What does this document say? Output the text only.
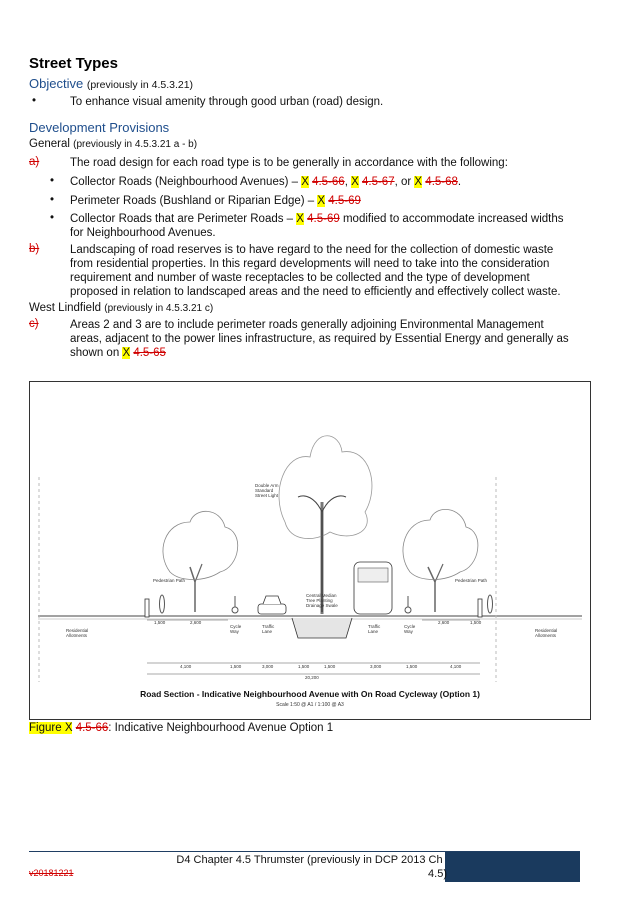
Street Types
Objective (previously in 4.5.3.21)
•	To enhance visual amenity through good urban (road) design.
Development Provisions
General (previously in 4.5.3.21 a - b)
a)	The road design for each road type is to be generally in accordance with the following:
• Collector Roads (Neighbourhood Avenues) – X 4.5-66, X 4.5-67, or X 4.5-68.
• Perimeter Roads (Bushland or Riparian Edge) – X 4.5-69
• Collector Roads that are Perimeter Roads – X 4.5-69 modified to accommodate increased widths
for Neighbourhood Avenues.
b)	Landscaping of road reserves is to have regard to the need for the collection of domestic waste
from residential properties. In this regard developments will need to take into the consideration
requirement and number of waste receptacles to be collected and the type of development
proposed in relation to landscaped areas and the need to efficiently and effectively collect waste.
West Lindfield (previously in 4.5.3.21 c)
c)	Areas 2 and 3 are to include perimeter roads generally adjoining Environmental Management
areas, adjacent to the power lines infrastructure, as required by Essential Energy and generally as
shown on X 4.5-65
Double Arm
Standard
Street Light
Central Median
Tree Planting
Drainage Swale
Pedestrian Path	Pedestrian Path
Residential
Allotments
Residential
Allotments
Cycle
Way
Traffic
Lane
Traffic
Lane
Cycle
Way
1,500	2,600	2,600	1,500
4,100	1,500	3,000	1,500	1,500	3,000	1,500	4,100
20,200
Road Section - Indicative Neighbourhood Avenue with On Road Cycleway (Option 1)
Scale 1:50 @ A1 / 1:100 @ A3
Figure X 4.5-66: Indicative Neighbourhood Avenue Option 1
D4 Chapter 4.5 Thrumster (previously in DCP 2013 Ch
4.5)
v20181221
